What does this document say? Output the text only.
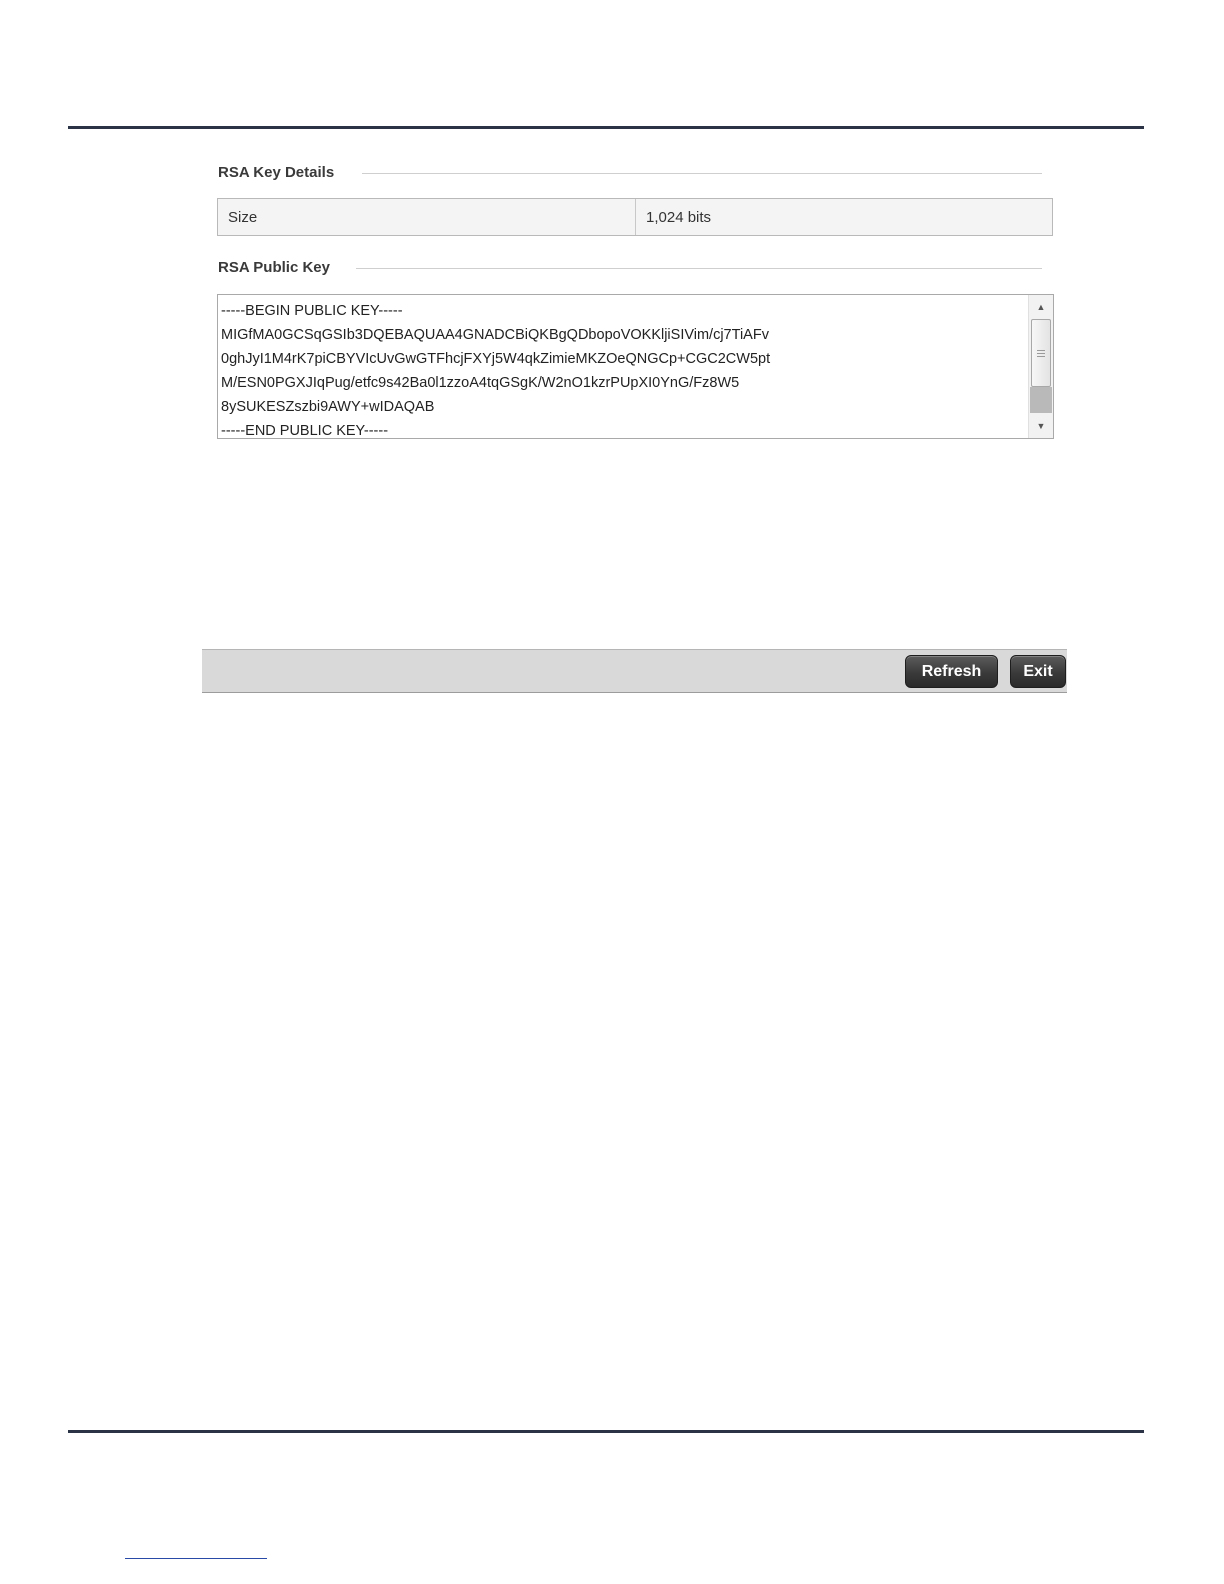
RSA Key Details
Size	1,024 bits
RSA Public Key
-----BEGIN PUBLIC KEY-----
MIGfMA0GCSqGSIb3DQEBAQUAA4GNADCBiQKBgQDbopoVOKKljiSIVim/cj7TiAFv
0ghJyI1M4rK7piCBYVIcUvGwGTFhcjFXYj5W4qkZimieMKZOeQNGCp+CGC2CW5pt
M/ESN0PGXJIqPug/etfc9s42Ba0l1zzoA4tqGSgK/W2nO1kzrPUpXI0YnG/Fz8W5
8ySUKESZszbi9AWY+wIDAQAB
-----END PUBLIC KEY-----
▲
▼
Refresh	Exit
